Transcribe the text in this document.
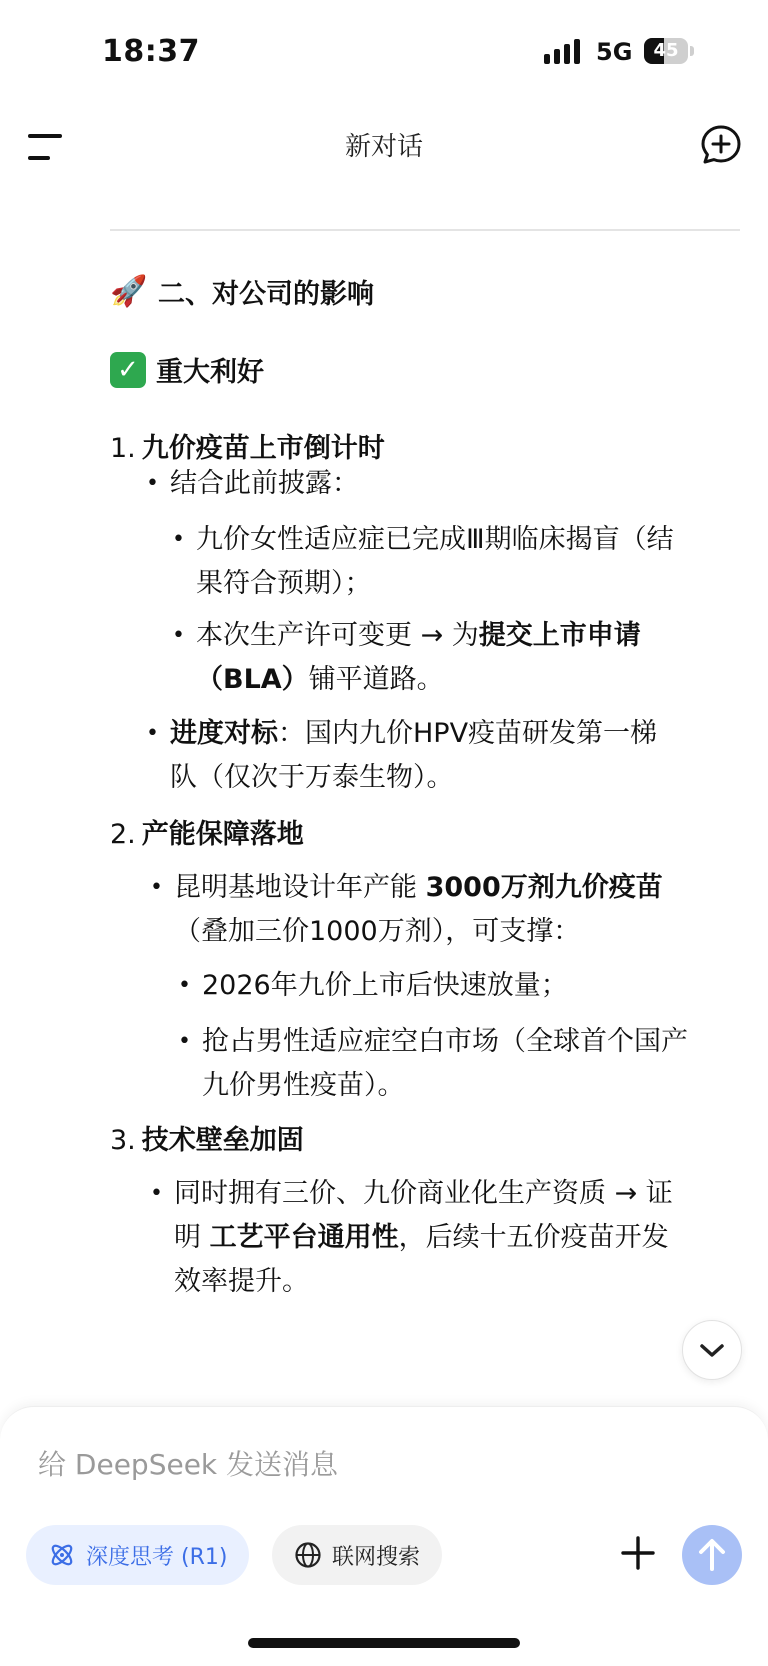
18:37	5G	45
新对话
🚀 二、对公司的影响
✓ 重大利好
1. 九价疫苗上市倒计时
• 结合此前披露：
• 九价女性适应症已完成Ⅲ期临床揭盲（结
果符合预期）；
• 本次生产许可变更 → 为提交上市申请
（BLA）铺平道路。
• 进度对标：国内九价HPV疫苗研发第一梯
队（仅次于万泰生物）。
2. 产能保障落地
• 昆明基地设计年产能 3000万剂九价疫苗
（叠加三价1000万剂），可支撑：
• 2026年九价上市后快速放量；
• 抢占男性适应症空白市场（全球首个国产
九价男性疫苗）。
3. 技术壁垒加固
• 同时拥有三价、九价商业化生产资质 → 证
明 工艺平台通用性，后续十五价疫苗开发
效率提升。
给 DeepSeek 发送消息
深度思考 (R1)	联网搜索
